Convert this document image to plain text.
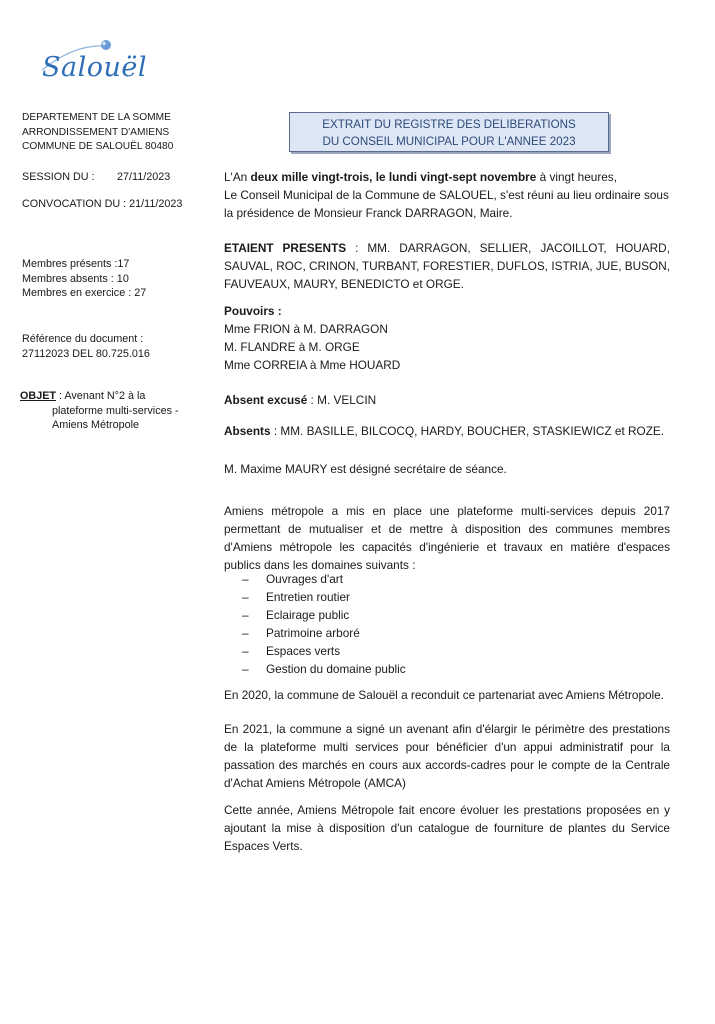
Salouël
DEPARTEMENT DE LA SOMME
ARRONDISSEMENT D'AMIENS
COMMUNE DE SALOUËL 80480
SESSION DU : 27/11/2023
CONVOCATION DU : 21/11/2023
Membres présents :17
Membres absents : 10
Membres en exercice : 27
Référence du document :
27112023 DEL 80.725.016
OBJET : Avenant N°2 à la
plateforme multi-services -
Amiens Métropole
EXTRAIT DU REGISTRE DES DELIBERATIONS
DU CONSEIL MUNICIPAL POUR L'ANNEE 2023
L'An deux mille vingt-trois, le lundi vingt-sept novembre à vingt heures,
Le Conseil Municipal de la Commune de SALOUEL, s'est réuni au lieu ordinaire sous
la présidence de Monsieur Franck DARRAGON, Maire.
ETAIENT PRESENTS : MM. DARRAGON, SELLIER, JACOILLOT, HOUARD, SAUVAL, ROC, CRINON, TURBANT, FORESTIER, DUFLOS, ISTRIA, JUE, BUSON, FAUVEAUX, MAURY, BENEDICTO et ORGE.
Pouvoirs :
Mme FRION à M. DARRAGON
M. FLANDRE à M. ORGE
Mme CORREIA à Mme HOUARD
Absent excusé : M. VELCIN
Absents : MM. BASILLE, BILCOCQ, HARDY, BOUCHER, STASKIEWICZ et ROZE.
M. Maxime MAURY est désigné secrétaire de séance.
Amiens métropole a mis en place une plateforme multi-services depuis 2017 permettant de mutualiser et de mettre à disposition des communes membres d'Amiens métropole les capacités d'ingénierie et travaux en matière d'espaces publics dans les domaines suivants :
– Ouvrages d'art
– Entretien routier
– Eclairage public
– Patrimoine arboré
– Espaces verts
– Gestion du domaine public
En 2020, la commune de Salouël a reconduit ce partenariat avec Amiens Métropole.
En 2021, la commune a signé un avenant afin d'élargir le périmètre des prestations de la plateforme multi services pour bénéficier d'un appui administratif pour la passation des marchés en cours aux accords-cadres pour le compte de la Centrale d'Achat Amiens Métropole (AMCA)
Cette année, Amiens Métropole fait encore évoluer les prestations proposées en y ajoutant la mise à disposition d'un catalogue de fourniture de plantes du Service Espaces Verts.
